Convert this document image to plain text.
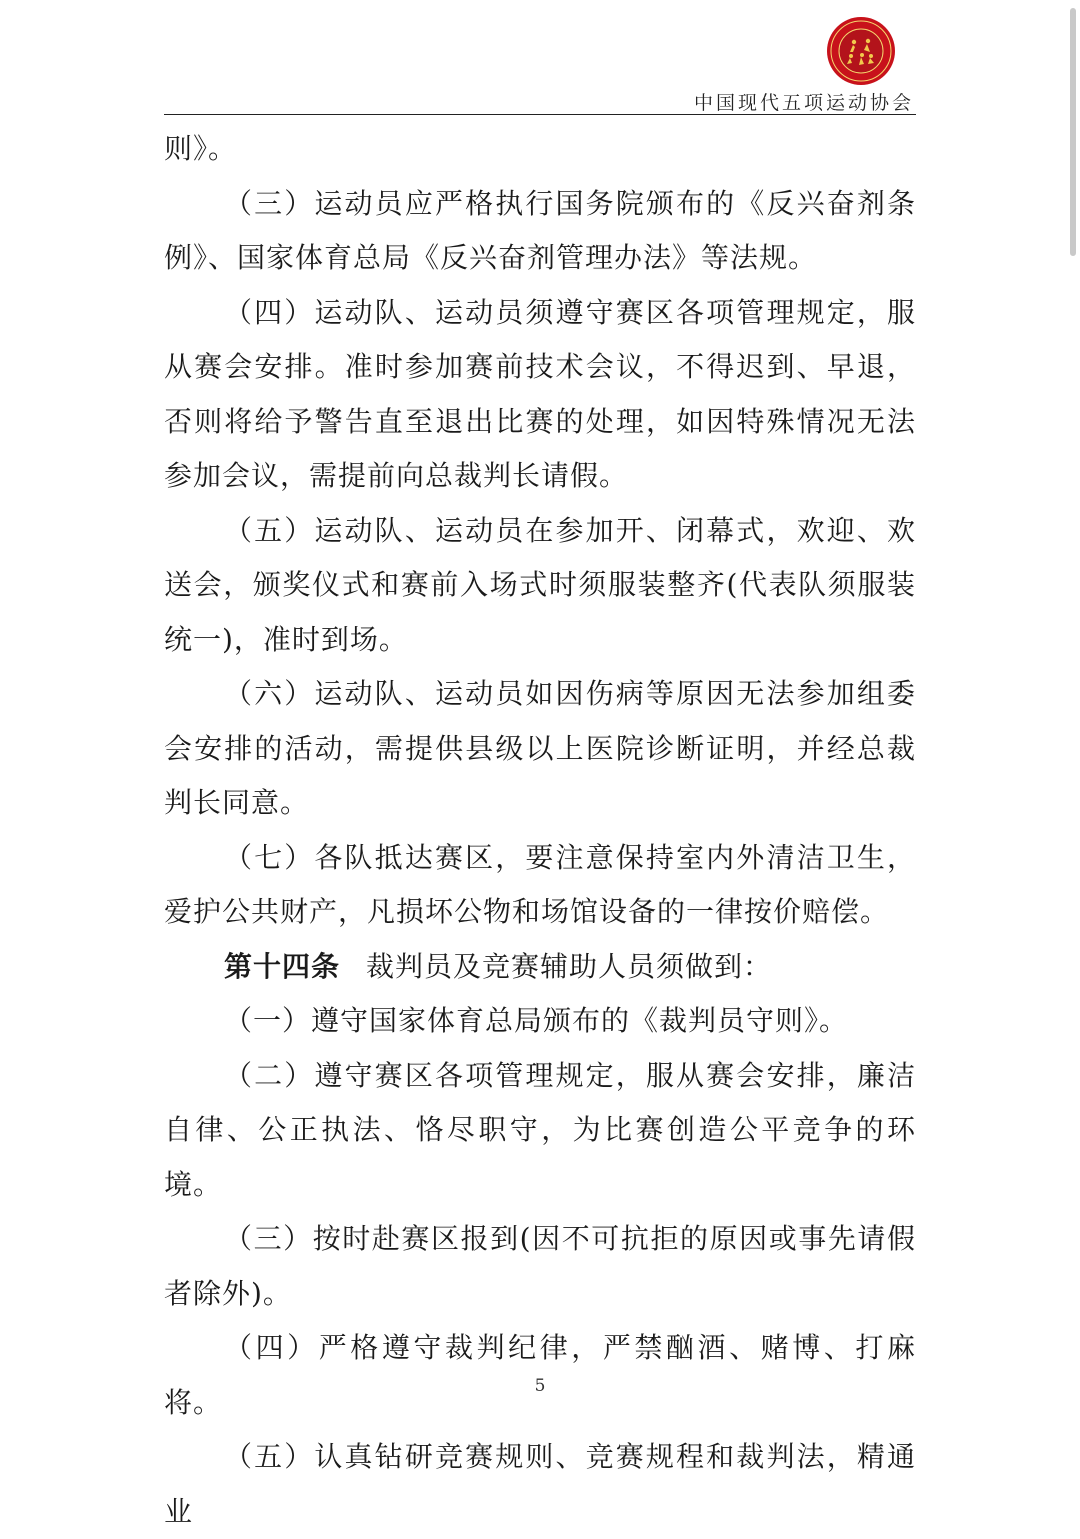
中国现代五项运动协会

则》。

（三）运动员应严格执行国务院颁布的《反兴奋剂条例》、国家体育总局《反兴奋剂管理办法》等法规。

（四）运动队、运动员须遵守赛区各项管理规定，服从赛会安排。准时参加赛前技术会议，不得迟到、早退，否则将给予警告直至退出比赛的处理，如因特殊情况无法参加会议，需提前向总裁判长请假。

（五）运动队、运动员在参加开、闭幕式，欢迎、欢送会，颁奖仪式和赛前入场式时须服装整齐(代表队须服装统一)，准时到场。

（六）运动队、运动员如因伤病等原因无法参加组委会安排的活动，需提供县级以上医院诊断证明，并经总裁判长同意。

（七）各队抵达赛区，要注意保持室内外清洁卫生，爱护公共财产，凡损坏公物和场馆设备的一律按价赔偿。

第十四条 裁判员及竞赛辅助人员须做到：

（一）遵守国家体育总局颁布的《裁判员守则》。

（二）遵守赛区各项管理规定，服从赛会安排，廉洁自律、公正执法、恪尽职守，为比赛创造公平竞争的环境。

（三）按时赴赛区报到(因不可抗拒的原因或事先请假者除外)。

（四）严格遵守裁判纪律，严禁酗酒、赌博、打麻将。

（五）认真钻研竞赛规则、竞赛规程和裁判法，精通业

5
